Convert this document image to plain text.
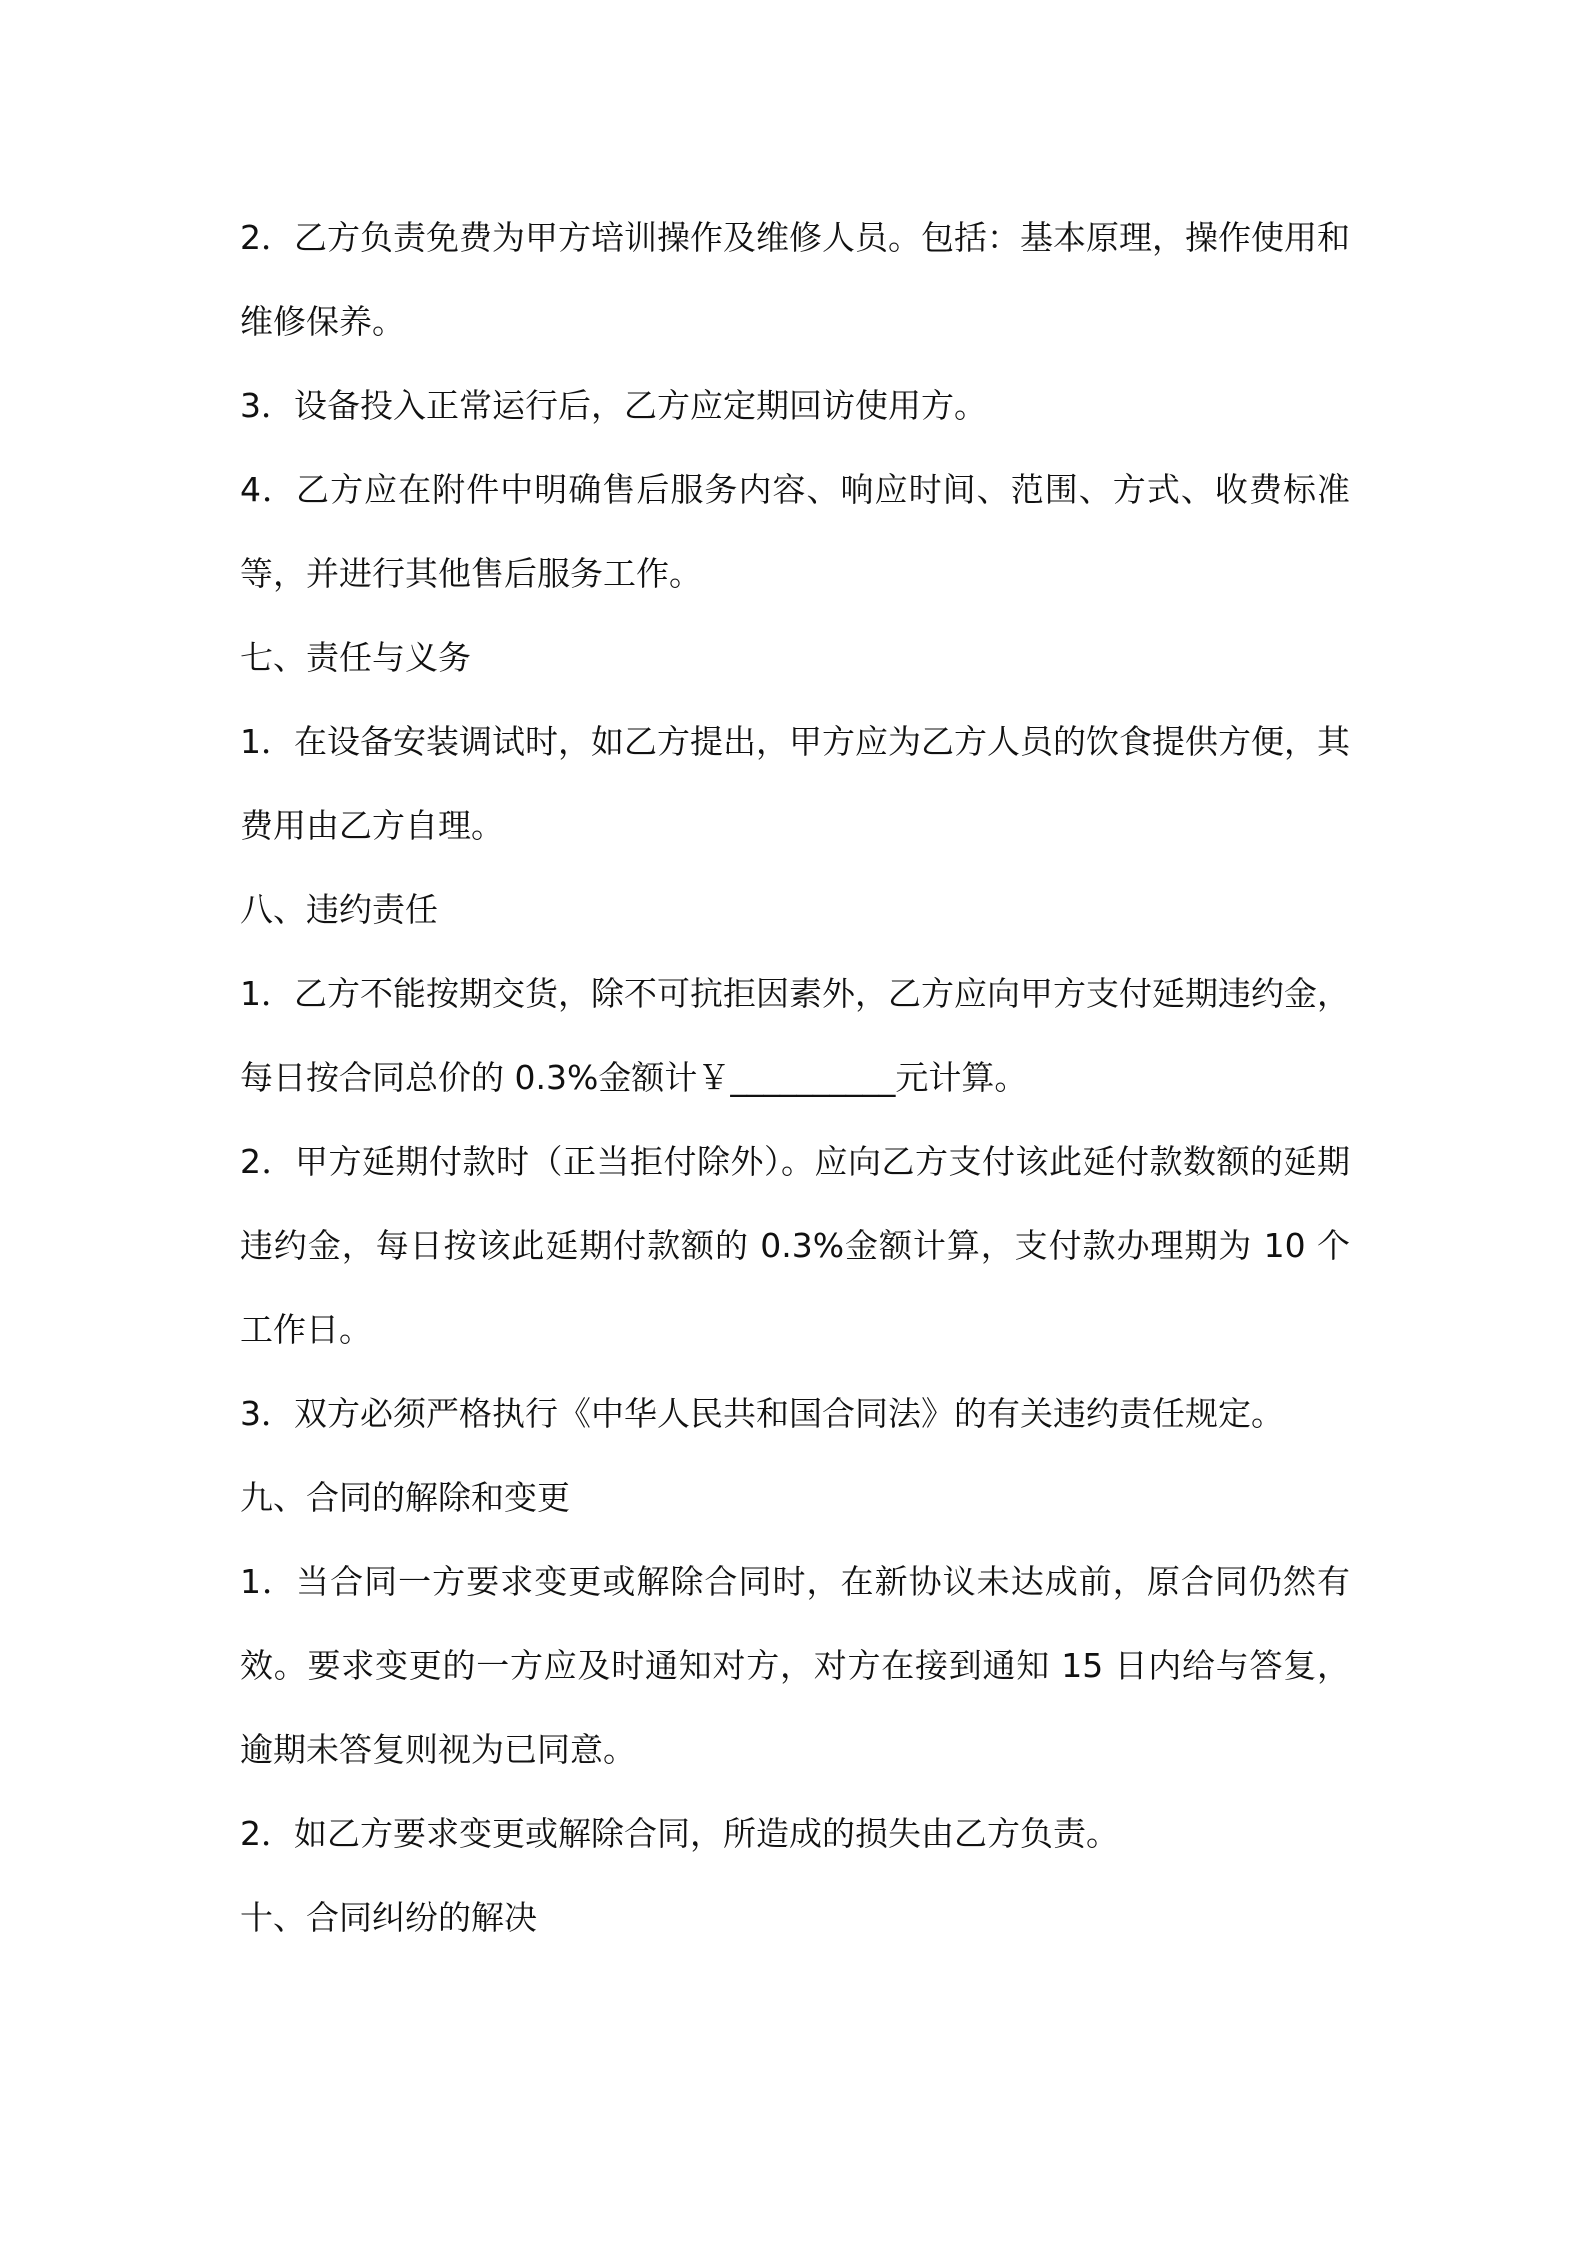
2．乙方负责免费为甲方培训操作及维修人员。包括：基本原理，操作使用和维修保养。

3．设备投入正常运行后，乙方应定期回访使用方。

4．乙方应在附件中明确售后服务内容、响应时间、范围、方式、收费标准等，并进行其他售后服务工作。

七、责任与义务

1．在设备安装调试时，如乙方提出，甲方应为乙方人员的饮食提供方便，其费用由乙方自理。

八、违约责任

1．乙方不能按期交货，除不可抗拒因素外，乙方应向甲方支付延期违约金，每日按合同总价的 0.3%金额计￥__________元计算。

2．甲方延期付款时（正当拒付除外）。应向乙方支付该此延付款数额的延期违约金，每日按该此延期付款额的 0.3%金额计算，支付款办理期为 10 个工作日。

3．双方必须严格执行《中华人民共和国合同法》的有关违约责任规定。

九、合同的解除和变更

1．当合同一方要求变更或解除合同时，在新协议未达成前，原合同仍然有效。要求变更的一方应及时通知对方，对方在接到通知 15 日内给与答复，逾期未答复则视为已同意。

2．如乙方要求变更或解除合同，所造成的损失由乙方负责。

十、合同纠纷的解决
